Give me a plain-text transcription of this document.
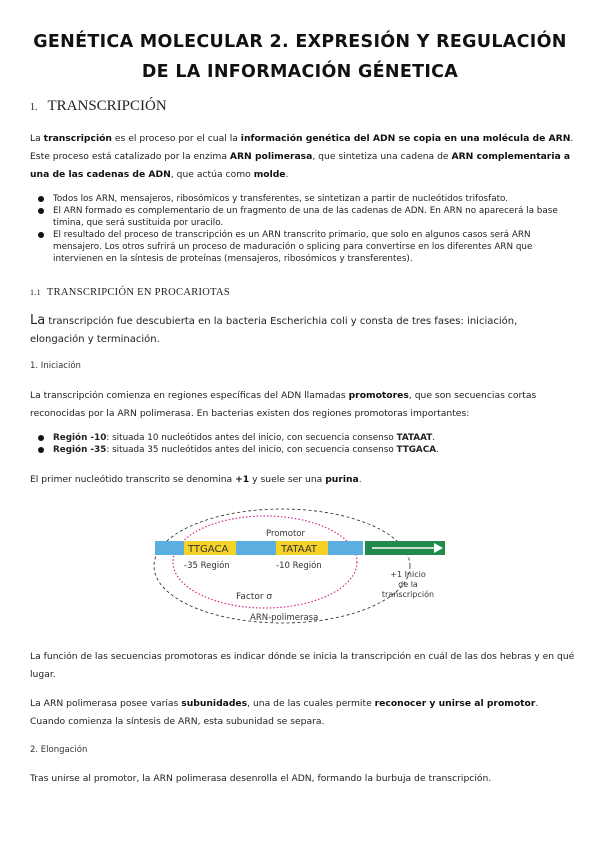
GENÉTICA MOLECULAR 2. EXPRESIÓN Y REGULACIÓN DE LA INFORMACIÓN GÉNETICA
1. TRANSCRIPCIÓN
La transcripción es el proceso por el cual la información genética del ADN se copia en una molécula de ARN. Este proceso está catalizado por la enzima ARN polimerasa, que sintetiza una cadena de ARN complementaria a una de las cadenas de ADN, que actúa como molde.
Todos los ARN, mensajeros, ribosómicos y transferentes, se sintetizan a partir de nucleótidos trifosfato.
El ARN formado es complementario de un fragmento de una de las cadenas de ADN. En ARN no aparecerá la base timina, que será sustituida por uracilo.
El resultado del proceso de transcripción es un ARN transcrito primario, que solo en algunos casos será ARN mensajero. Los otros sufrirá un proceso de maduración o splicing para convertirse en los diferentes ARN que intervienen en la síntesis de proteínas (mensajeros, ribosómicos y transferentes).
1.1 TRANSCRIPCIÓN EN PROCARIOTAS
La transcripción fue descubierta en la bacteria Escherichia coli y consta de tres fases: iniciación, elongación y terminación.
1. Iniciación
La transcripción comienza en regiones específicas del ADN llamadas promotores, que son secuencias cortas reconocidas por la ARN polimerasa. En bacterias existen dos regiones promotoras importantes:
Región -10: situada 10 nucleótidos antes del inicio, con secuencia consenso TATAAT.
Región -35: situada 35 nucleótidos antes del inicio, con secuencia consenso TTGACA.
El primer nucleótido transcrito se denomina +1 y suele ser una purina.
Promotor
TTGACA	TATAAT
-35 Región	-10 Región
+1 Inicio
de la
transcripción
Factor σ
ARN-polimerasa
La función de las secuencias promotoras es indicar dónde se inicia la transcripción en cuál de las dos hebras y en qué lugar.
La ARN polimerasa posee varias subunidades, una de las cuales permite reconocer y unirse al promotor. Cuando comienza la síntesis de ARN, esta subunidad se separa.
2. Elongación
Tras unirse al promotor, la ARN polimerasa desenrolla el ADN, formando la burbuja de transcripción.
